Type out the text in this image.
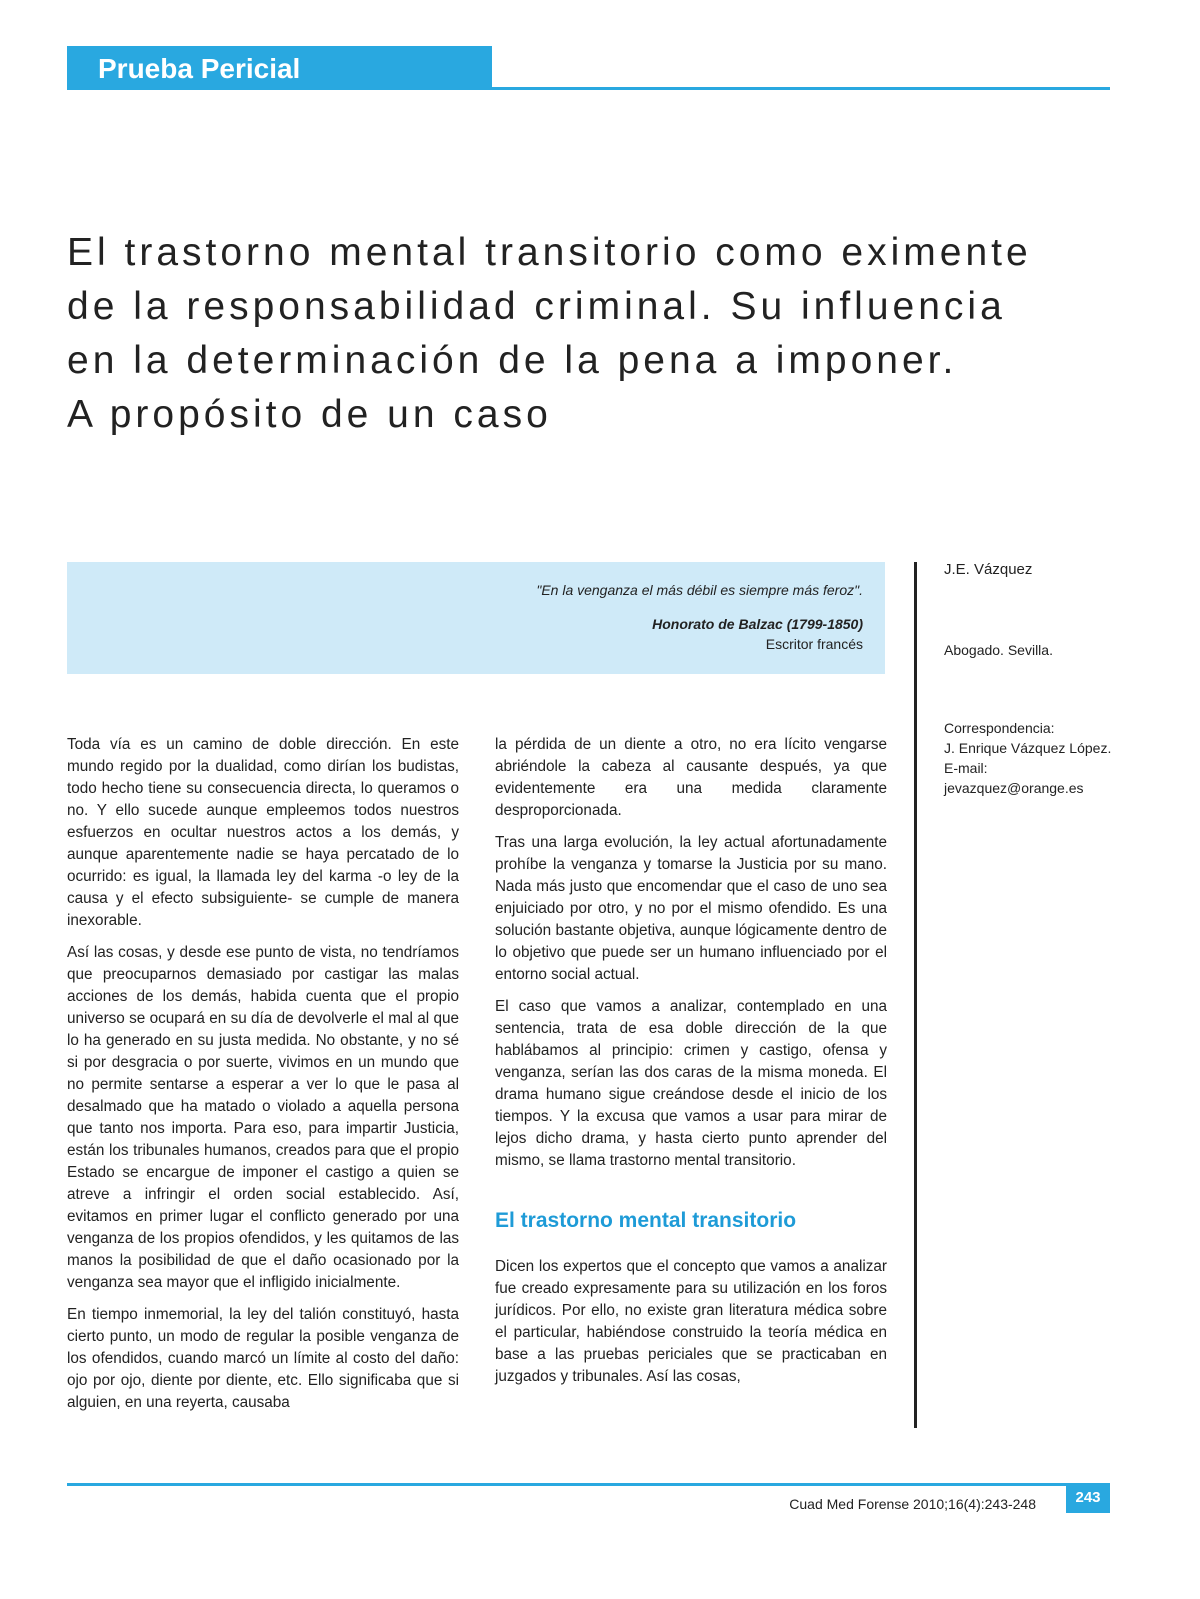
Prueba Pericial
El trastorno mental transitorio como eximente
de la responsabilidad criminal. Su influencia
en la determinación de la pena a imponer.
A propósito de un caso
"En la venganza el más débil es siempre más feroz".
Honorato de Balzac (1799-1850)
Escritor francés
J.E. Vázquez
Abogado. Sevilla.
Correspondencia:
J. Enrique Vázquez López.
E-mail:
jevazquez@orange.es

Toda vía es un camino de doble dirección. En este mundo regido por la dualidad, como dirían los budistas, todo hecho tiene su consecuencia directa, lo queramos o no. Y ello sucede aunque empleemos todos nuestros esfuerzos en ocultar nuestros actos a los demás, y aunque aparentemente nadie se haya percatado de lo ocurrido: es igual, la llamada ley del karma -o ley de la causa y el efecto subsiguiente- se cumple de manera inexorable.

Así las cosas, y desde ese punto de vista, no tendríamos que preocuparnos demasiado por castigar las malas acciones de los demás, habida cuenta que el propio universo se ocupará en su día de devolverle el mal al que lo ha generado en su justa medida. No obstante, y no sé si por desgracia o por suerte, vivimos en un mundo que no permite sentarse a esperar a ver lo que le pasa al desalmado que ha matado o violado a aquella persona que tanto nos importa. Para eso, para impartir Justicia, están los tribunales humanos, creados para que el propio Estado se encargue de imponer el castigo a quien se atreve a infringir el orden social establecido. Así, evitamos en primer lugar el conflicto generado por una venganza de los propios ofendidos, y les quitamos de las manos la posibilidad de que el daño ocasionado por la venganza sea mayor que el infligido inicialmente.

En tiempo inmemorial, la ley del talión constituyó, hasta cierto punto, un modo de regular la posible venganza de los ofendidos, cuando marcó un límite al costo del daño: ojo por ojo, diente por diente, etc. Ello significaba que si alguien, en una reyerta, causaba

la pérdida de un diente a otro, no era lícito vengarse abriéndole la cabeza al causante después, ya que evidentemente era una medida claramente desproporcionada.

Tras una larga evolución, la ley actual afortunadamente prohíbe la venganza y tomarse la Justicia por su mano. Nada más justo que encomendar que el caso de uno sea enjuiciado por otro, y no por el mismo ofendido. Es una solución bastante objetiva, aunque lógicamente dentro de lo objetivo que puede ser un humano influenciado por el entorno social actual.

El caso que vamos a analizar, contemplado en una sentencia, trata de esa doble dirección de la que hablábamos al principio: crimen y castigo, ofensa y venganza, serían las dos caras de la misma moneda. El drama humano sigue creándose desde el inicio de los tiempos. Y la excusa que vamos a usar para mirar de lejos dicho drama, y hasta cierto punto aprender del mismo, se llama trastorno mental transitorio.

El trastorno mental transitorio

Dicen los expertos que el concepto que vamos a analizar fue creado expresamente para su utilización en los foros jurídicos. Por ello, no existe gran literatura médica sobre el particular, habiéndose construido la teoría médica en base a las pruebas periciales que se practicaban en juzgados y tribunales. Así las cosas,

Cuad Med Forense 2010;16(4):243-248	243
